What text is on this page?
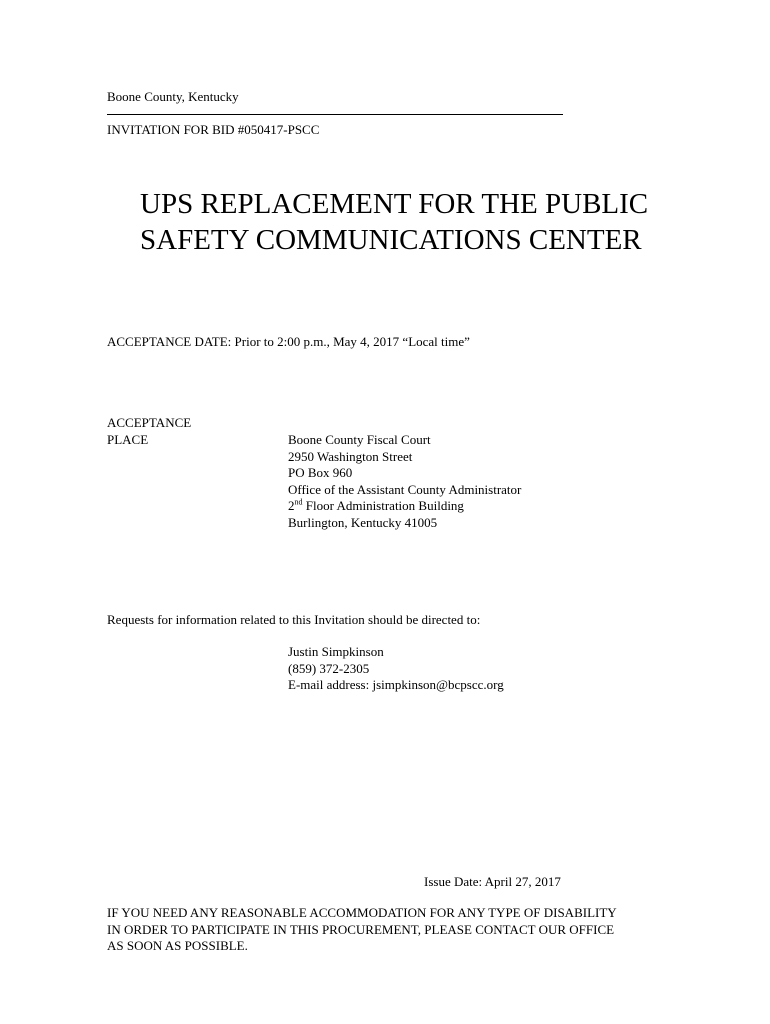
Boone County, Kentucky
INVITATION FOR BID #050417-PSCC
UPS REPLACEMENT FOR THE PUBLIC
SAFETY COMMUNICATIONS CENTER
ACCEPTANCE DATE: Prior to 2:00 p.m., May 4, 2017 “Local time”
ACCEPTANCE
PLACE	Boone County Fiscal Court
2950 Washington Street
PO Box 960
Office of the Assistant County Administrator
2nd Floor Administration Building
Burlington, Kentucky 41005
Requests for information related to this Invitation should be directed to:
Justin Simpkinson
(859) 372-2305
E-mail address: jsimpkinson@bcpscc.org
Issue Date: April 27, 2017
IF YOU NEED ANY REASONABLE ACCOMMODATION FOR ANY TYPE OF DISABILITY
IN ORDER TO PARTICIPATE IN THIS PROCUREMENT, PLEASE CONTACT OUR OFFICE
AS SOON AS POSSIBLE.
